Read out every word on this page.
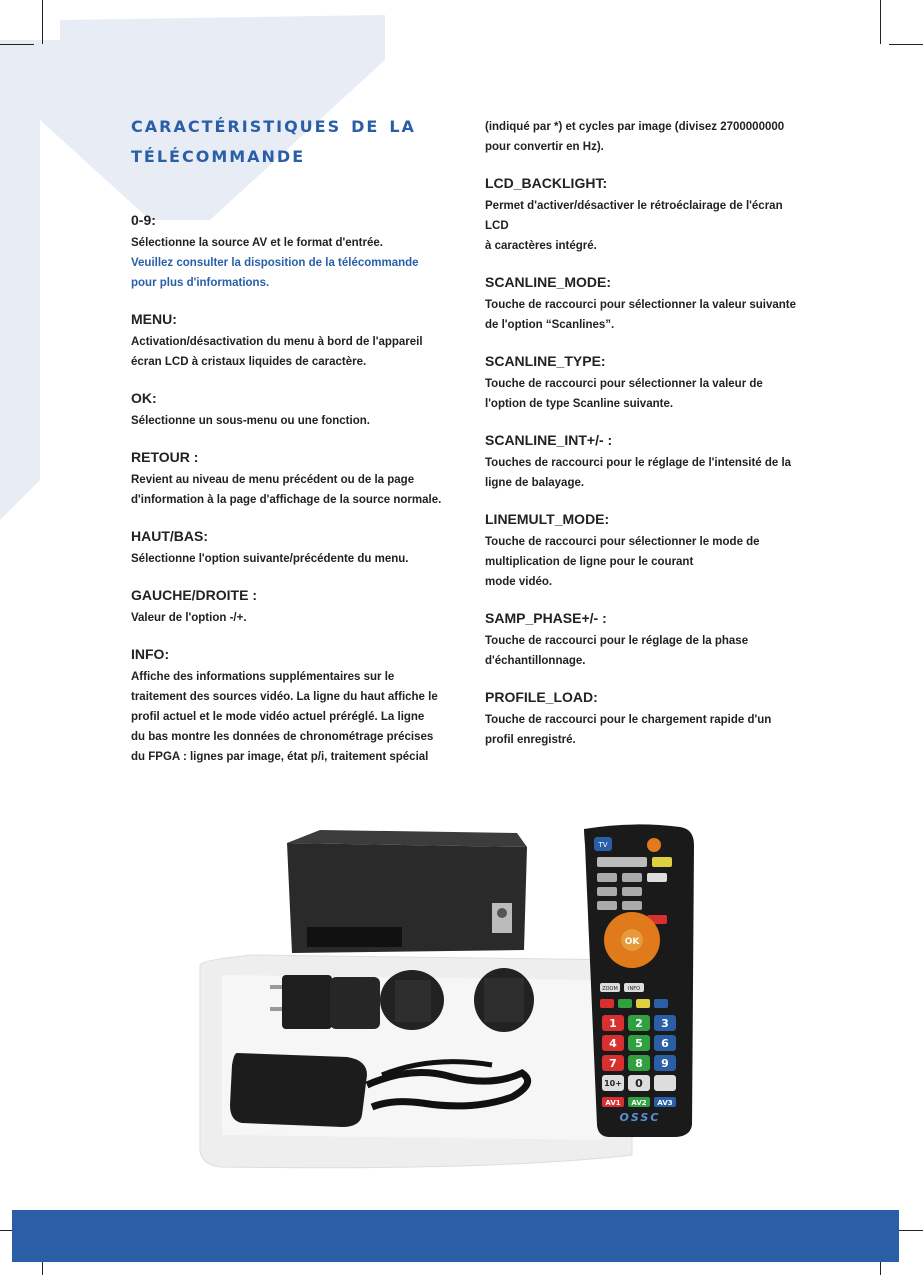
caractéristiques de la télécommande
0-9:

Sélectionne la source AV et le format d'entrée.

Veuillez consulter la disposition de la télécommande
pour plus d'informations.

MENU:

Activation/désactivation du menu à bord de l'appareil
écran LCD à cristaux liquides de caractère.

OK:

Sélectionne un sous-menu ou une fonction.

RETOUR :

Revient au niveau de menu précédent ou de la page
d'information à la page d'affichage de la source normale.

HAUT/BAS:

Sélectionne l'option suivante/précédente du menu.

GAUCHE/DROITE :

Valeur de l'option -/+.

INFO:

Affiche des informations supplémentaires sur le
traitement des sources vidéo. La ligne du haut affiche le
profil actuel et le mode vidéo actuel préréglé. La ligne
du bas montre les données de chronométrage précises
du FPGA : lignes par image, état p/i, traitement spécial

(indiqué par *) et cycles par image (divisez 2700000000
pour convertir en Hz).

LCD_BACKLIGHT:

Permet d'activer/désactiver le rétroéclairage de l'écran
LCD
à caractères intégré.

SCANLINE_MODE:

Touche de raccourci pour sélectionner la valeur suivante
de l'option “Scanlines”.

SCANLINE_TYPE:

Touche de raccourci pour sélectionner la valeur de
l'option de type Scanline suivante.

SCANLINE_INT+/- :

Touches de raccourci pour le réglage de l'intensité de la
ligne de balayage.

LINEMULT_MODE:

Touche de raccourci pour sélectionner le mode de
multiplication de ligne pour le courant
mode vidéo.

SAMP_PHASE+/- :

Touche de raccourci pour le réglage de la phase
d'échantillonnage.

PROFILE_LOAD:

Touche de raccourci pour le chargement rapide d'un
profil enregistré.

TV
OK
ZOOM INFO
1 2 3
4 5 6
7 8 9
10+ 0
AV1 AV2 AV3
OSSC
